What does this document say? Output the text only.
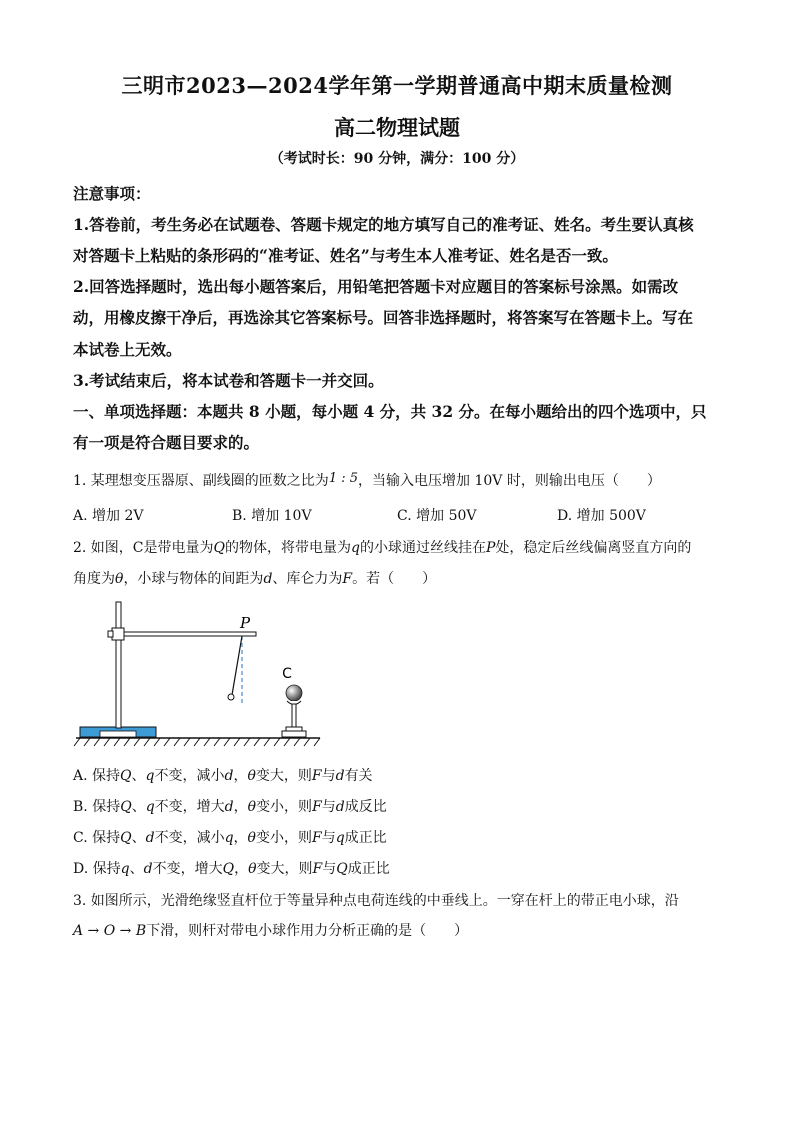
三明市2023—2024学年第一学期普通高中期末质量检测
高二物理试题
（考试时长：90 分钟，满分：100 分）
注意事项：
1.答卷前，考生务必在试题卷、答题卡规定的地方填写自己的准考证、姓名。考生要认真核
对答题卡上粘贴的条形码的“准考证、姓名”与考生本人准考证、姓名是否一致。
2.回答选择题时，选出每小题答案后，用铅笔把答题卡对应题目的答案标号涂黑。如需改
动，用橡皮擦干净后，再选涂其它答案标号。回答非选择题时，将答案写在答题卡上。写在
本试卷上无效。
3.考试结束后，将本试卷和答题卡一并交回。
一、单项选择题：本题共 8 小题，每小题 4 分，共 32 分。在每小题给出的四个选项中，只
有一项是符合题目要求的。
1. 某理想变压器原、副线圈的匝数之比为1 : 5，当输入电压增加 10V 时，则输出电压（　　）
A. 增加 2V	B. 增加 10V	C. 增加 50V	D. 增加 500V
2. 如图，C是带电量为Q的物体，将带电量为q的小球通过丝线挂在P处，稳定后丝线偏离竖直方向的
角度为θ，小球与物体的间距为d、库仑力为F。若（　　）
P
C
A. 保持Q、q不变，减小d，θ变大，则F与d有关
B. 保持Q、q不变，增大d，θ变小，则F与d成反比
C. 保持Q、d不变，减小q，θ变小，则F与q成正比
D. 保持q、d不变，增大Q，θ变大，则F与Q成正比
3. 如图所示，光滑绝缘竖直杆位于等量异种点电荷连线的中垂线上。一穿在杆上的带正电小球，沿
A → O → B下滑，则杆对带电小球作用力分析正确的是（　　）
